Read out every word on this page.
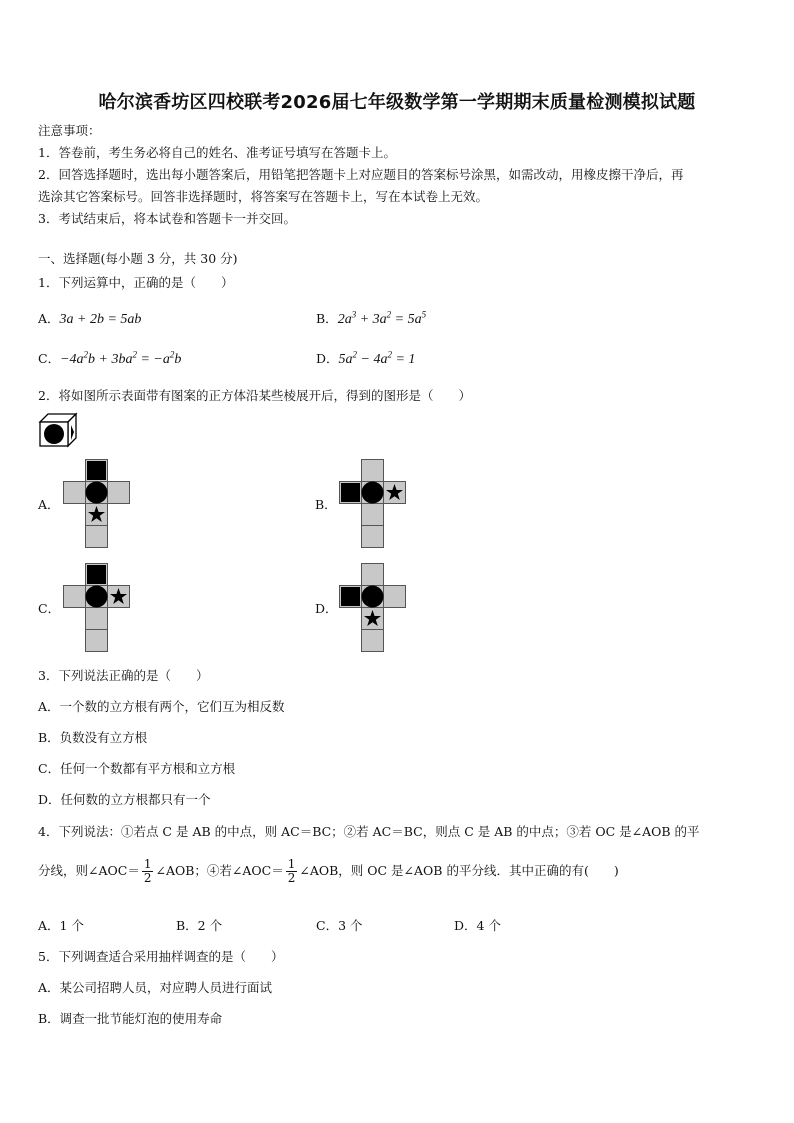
哈尔滨香坊区四校联考2026届七年级数学第一学期期末质量检测模拟试题
注意事项：
1．答卷前，考生务必将自己的姓名、准考证号填写在答题卡上。
2．回答选择题时，选出每小题答案后，用铅笔把答题卡上对应题目的答案标号涂黑，如需改动，用橡皮擦干净后，再
选涂其它答案标号。回答非选择题时，将答案写在答题卡上，写在本试卷上无效。
3．考试结束后，将本试卷和答题卡一并交回。
一、选择题(每小题 3 分，共 30 分)
1．下列运算中，正确的是（　　）
A．3a + 2b = 5ab	B．$2a^3 + 3a^2 = 5a^5$
C．$-4a^2b + 3ba^2 = -a^2b$	D．$5a^2 - 4a^2 = 1$
2．将如图所示表面带有图案的正方体沿某些棱展开后，得到的图形是（　　）
A．	B．
C．	D．
3．下列说法正确的是（　　）
A．一个数的立方根有两个，它们互为相反数
B．负数没有立方根
C．任何一个数都有平方根和立方根
D．任何数的立方根都只有一个
4．下列说法：①若点 C 是 AB 的中点，则 AC＝BC；②若 AC＝BC，则点 C 是 AB 的中点；③若 OC 是∠AOB 的平
分线，则∠AOC＝ $\frac{1}{2}$ ∠AOB；④若∠AOC＝ $\frac{1}{2}$ ∠AOB，则 OC 是∠AOB 的平分线．其中正确的有(　　)
A．1 个	B．2 个	C．3 个	D．4 个
5．下列调查适合采用抽样调查的是（　　）
A．某公司招聘人员，对应聘人员进行面试
B．调查一批节能灯泡的使用寿命
